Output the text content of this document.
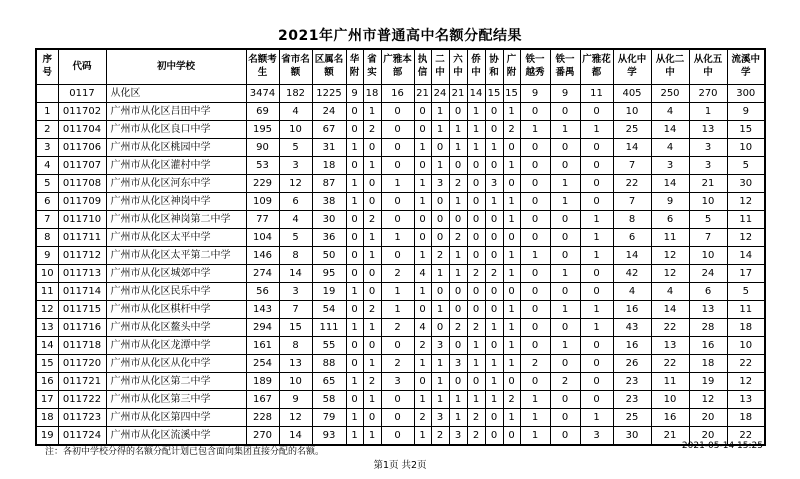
2021年广州市普通高中名额分配结果
序号	代码	初中学校	名额考生	省市名额	区属名额	华附	省实	广雅本部	执信	二中	六中	侨中	协和	广附	铁一越秀	铁一番禺	广雅花都	从化中学	从化二中	从化五中	流溪中学
	0117	从化区	3474	182	1225	9	18	16	21	24	21	14	15	15	9	9	11	405	250	270	300
1	011702	广州市从化区吕田中学	69	4	24	0	1	0	0	1	0	1	0	1	0	0	0	10	4	1	9
2	011704	广州市从化区良口中学	195	10	67	0	2	0	0	1	1	1	0	2	1	1	1	25	14	13	15
3	011706	广州市从化区桃园中学	90	5	31	1	0	0	1	0	1	1	1	0	0	0	0	14	4	3	10
4	011707	广州市从化区灌村中学	53	3	18	0	1	0	0	1	0	0	0	1	0	0	0	7	3	3	5
5	011708	广州市从化区河东中学	229	12	87	1	0	1	1	3	2	0	3	0	0	1	0	22	14	21	30
6	011709	广州市从化区神岗中学	109	6	38	1	0	0	1	0	1	0	1	1	0	1	0	7	9	10	12
7	011710	广州市从化区神岗第二中学	77	4	30	0	2	0	0	0	0	0	0	1	0	0	1	8	6	5	11
8	011711	广州市从化区太平中学	104	5	36	0	1	1	0	0	2	0	0	0	0	0	1	6	11	7	12
9	011712	广州市从化区太平第二中学	146	8	50	0	1	0	1	2	1	0	0	1	1	0	1	14	12	10	14
10	011713	广州市从化区城郊中学	274	14	95	0	0	2	4	1	1	2	2	1	0	1	0	42	12	24	17
11	011714	广州市从化区民乐中学	56	3	19	1	0	1	1	0	0	0	0	0	0	0	0	4	4	6	5
12	011715	广州市从化区棋杆中学	143	7	54	0	2	1	0	1	0	0	0	1	0	1	1	16	14	13	11
13	011716	广州市从化区鳌头中学	294	15	111	1	1	2	4	0	2	2	1	1	0	0	1	43	22	28	18
14	011718	广州市从化区龙潭中学	161	8	55	0	0	0	2	3	0	1	0	1	0	1	0	16	13	16	10
15	011720	广州市从化区从化中学	254	13	88	0	1	2	1	1	3	1	1	1	2	0	0	26	22	18	22
16	011721	广州市从化区第二中学	189	10	65	1	2	3	0	1	0	0	1	0	0	2	0	23	11	19	12
17	011722	广州市从化区第三中学	167	9	58	0	1	0	1	1	1	1	1	2	1	0	0	23	10	12	13
18	011723	广州市从化区第四中学	228	12	79	1	0	0	2	3	1	2	0	1	1	0	1	25	16	20	18
19	011724	广州市从化区流溪中学	270	14	93	1	1	0	1	2	3	2	0	0	1	0	3	30	21	20	22
注：各初中学校分得的名额分配计划已包含面向集团直接分配的名额。
2021-05-14 15:25
第1页 共2页
